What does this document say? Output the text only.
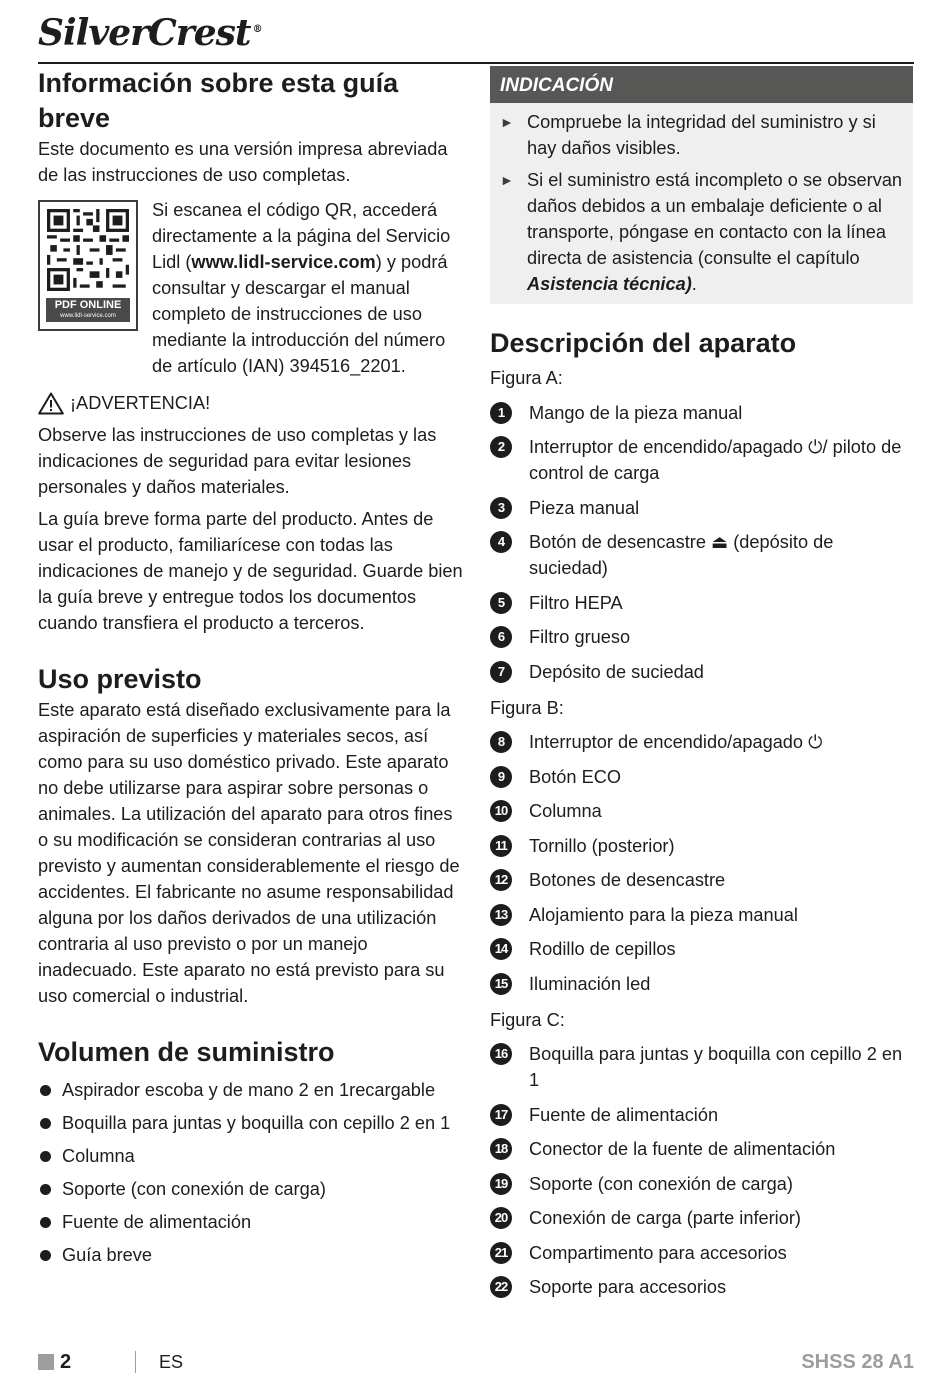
SilverCrest ®
Información sobre esta guía breve

Este documento es una versión impresa abreviada de las instrucciones de uso completas.

PDF ONLINE
www.lidl-service.com

Si escanea el código QR, accederá directamente a la página del Servicio Lidl (www.lidl-service.com) y podrá consultar y descargar el manual completo de instrucciones de uso mediante la introducción del número de artículo (IAN) 394516_2201.

¡ADVERTENCIA!

Observe las instrucciones de uso completas y las indicaciones de seguridad para evitar lesiones personales y daños materiales.

La guía breve forma parte del producto. Antes de usar el producto, familiarícese con todas las indicaciones de manejo y de seguridad. Guarde bien la guía breve y entregue todos los documentos cuando transfiera el producto a terceros.

Uso previsto

Este aparato está diseñado exclusivamente para la aspiración de superficies y materiales secos, así como para su uso doméstico privado. Este aparato no debe utilizarse para aspirar sobre personas o animales. La utilización del aparato para otros fines o su modificación se consideran contrarias al uso previsto y aumentan considerablemente el riesgo de accidentes. El fabricante no asume responsabilidad alguna por los daños derivados de una utilización contraria al uso previsto o por un manejo inadecuado. Este aparato no está previsto para su uso comercial o industrial.

Volumen de suministro
Aspirador escoba y de mano 2 en 1recargable
Boquilla para juntas y boquilla con cepillo 2 en 1
Columna
Soporte (con conexión de carga)
Fuente de alimentación
Guía breve
INDICACIÓN
► Compruebe la integridad del suministro y si hay daños visibles.
► Si el suministro está incompleto o se observan daños debidos a un embalaje deficiente o al transporte, póngase en contacto con la línea directa de asistencia (consulte el capítulo Asistencia técnica).
Descripción del aparato
Figura A:
1	Mango de la pieza manual
2	Interruptor de encendido/apagado ⏻/ piloto de control de carga
3	Pieza manual
4	Botón de desencastre ⏏ (depósito de suciedad)
5	Filtro HEPA
6	Filtro grueso
7	Depósito de suciedad
Figura B:
8	Interruptor de encendido/apagado ⏻
9	Botón ECO
10 Columna
11 Tornillo (posterior)
12 Botones de desencastre
13 Alojamiento para la pieza manual
14 Rodillo de cepillos
15 Iluminación led
Figura C:
16 Boquilla para juntas y boquilla con cepillo 2 en 1
17 Fuente de alimentación
18 Conector de la fuente de alimentación
19 Soporte (con conexión de carga)
20 Conexión de carga (parte inferior)
21 Compartimento para accesorios
22 Soporte para accesorios
2	ES	SHSS 28 A1
